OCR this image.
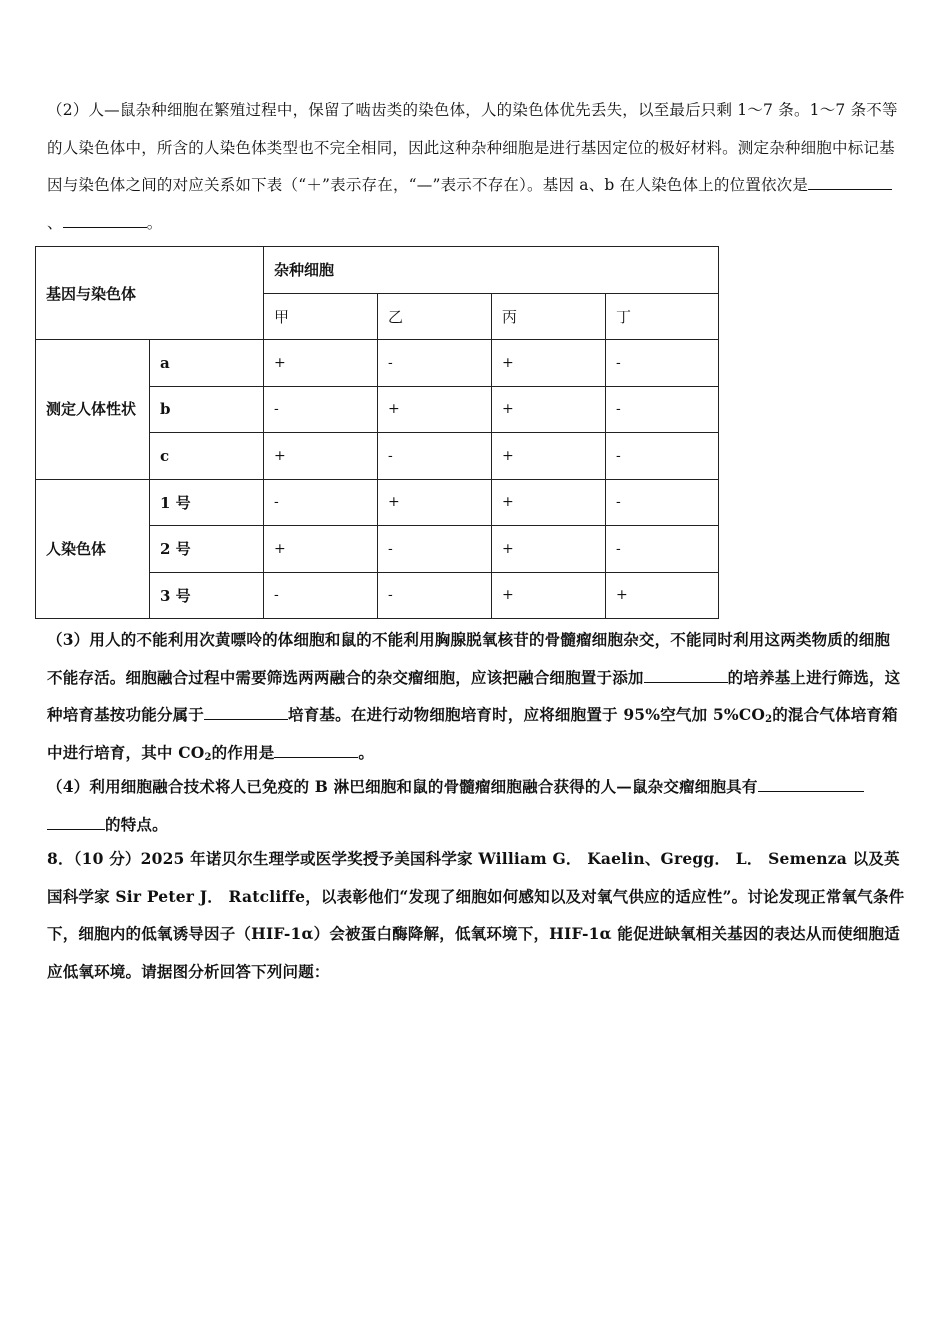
（2）人—鼠杂种细胞在繁殖过程中，保留了啮齿类的染色体，人的染色体优先丢失，以至最后只剩 1～7 条。1～7 条不等的人染色体中，所含的人染色体类型也不完全相同，因此这种杂种细胞是进行基因定位的极好材料。测定杂种细胞中标记基因与染色体之间的对应关系如下表（“＋”表示存在，“—”表示不存在）。基因 a、b 在人染色体上的位置依次是、	。
基因与染色体		杂种细胞			
		甲	乙	丙	丁
测定人体性状	a	+	-	+	-
	b	-	+	+	-
	c	+	-	+	-
人染色体	1 号	-	+	+	-
	2 号	+	-	+	-
	3 号	-	-	+	+
（3）用人的不能利用次黄嘌呤的体细胞和鼠的不能利用胸腺脱氧核苷的骨髓瘤细胞杂交，不能同时利用这两类物质的细胞不能存活。细胞融合过程中需要筛选两两融合的杂交瘤细胞，应该把融合细胞置于添加	的培养基上进行筛选，这种培育基按功能分属于	培育基。在进行动物细胞培育时，应将细胞置于 95%空气加 $5\%CO_2$的混合气体培育箱中进行培育，其中 $CO_2$的作用是	。
（4）利用细胞融合技术将人已免疫的 B 淋巴细胞和鼠的骨髓瘤细胞融合获得的人—鼠杂交瘤细胞具有
的特点。
8．（10 分）2025 年诺贝尔生理学或医学奖授予美国科学家 William G． Kaelin、Gregg． L． Semenza 以及英国科学家 Sir Peter J． Ratcliffe，以表彰他们“发现了细胞如何感知以及对氧气供应的适应性”。讨论发现正常氧气条件下，细胞内的低氧诱导因子（HIF-1α）会被蛋白酶降解，低氧环境下，HIF-1α 能促进缺氧相关基因的表达从而使细胞适应低氧环境。请据图分析回答下列问题：
